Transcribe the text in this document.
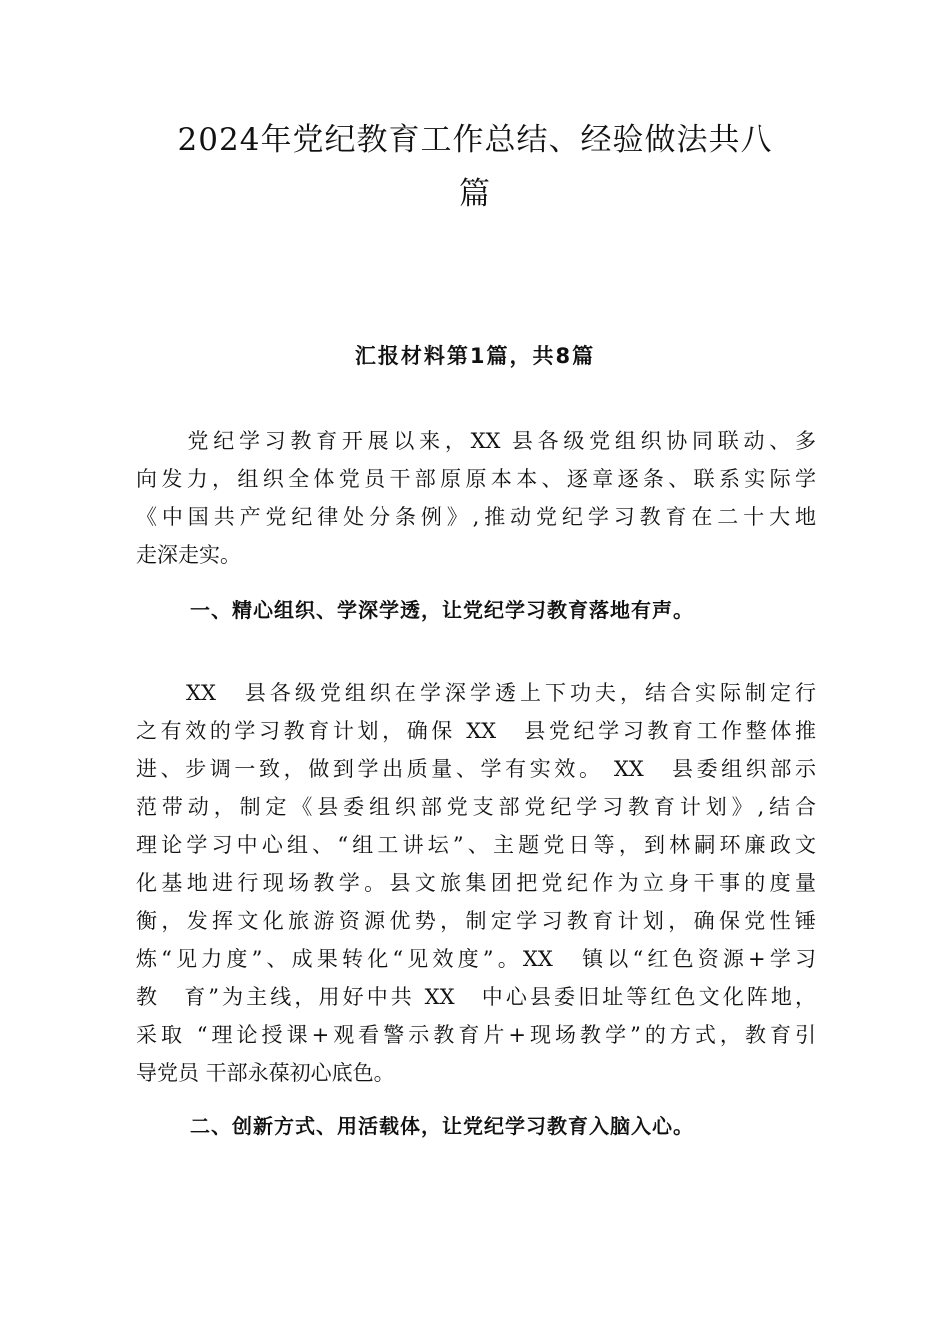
2024年党纪教育工作总结、经验做法共八
篇
汇报材料第1篇，共8篇
　　党纪学习教育开展以来，XX 县各级党组织协同联动、多
向发力，组织全体党员干部原原本本、逐章逐条、联系实际学
《中国共产党纪律处分条例》,推动党纪学习教育在二十大地
走深走实。
一、精心组织、学深学透，让党纪学习教育落地有声。
　　XX　县各级党组织在学深学透上下功夫，结合实际制定行
之有效的学习教育计划，确保 XX　县党纪学习教育工作整体推
进、步调一致，做到学出质量、学有实效。 XX　县委组织部示
范带动，制定《县委组织部党支部党纪学习教育计划》,结合
理论学习中心组、“组工讲坛”、主题党日等，到林嗣环廉政文
化基地进行现场教学。县文旅集团把党纪作为立身干事的度量
衡，发挥文化旅游资源优势，制定学习教育计划，确保党性锤
炼“见力度”、成果转化“见效度”。XX　镇以“红色资源+学习
教　育”为主线，用好中共 XX　中心县委旧址等红色文化阵地，
采取 “理论授课+观看警示教育片+现场教学”的方式，教育引
导党员 干部永葆初心底色。
二、创新方式、用活载体，让党纪学习教育入脑入心。
